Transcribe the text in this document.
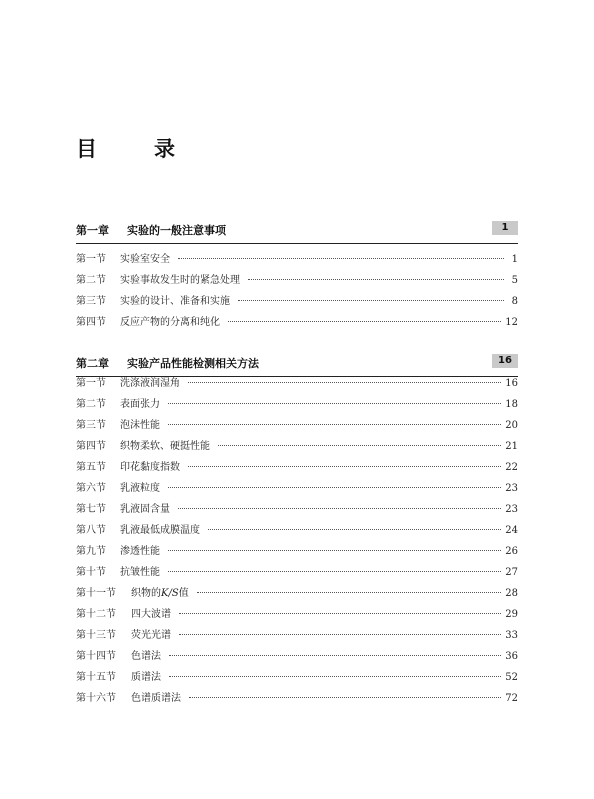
目　录
第一章 实验的一般注意事项	1
第一节	实验室安全	1
第二节	实验事故发生时的紧急处理	5
第三节	实验的设计、准备和实施	8
第四节	反应产物的分离和纯化	12
第二章 实验产品性能检测相关方法	16
第一节	洗涤液润湿角	16
第二节	表面张力	18
第三节	泡沫性能	20
第四节	织物柔软、硬挺性能	21
第五节	印花黏度指数	22
第六节	乳液粒度	23
第七节	乳液固含量	23
第八节	乳液最低成膜温度	24
第九节	渗透性能	26
第十节	抗皱性能	27
第十一节	织物的K/S值	28
第十二节	四大波谱	29
第十三节	荧光光谱	33
第十四节	色谱法	36
第十五节	质谱法	52
第十六节	色谱质谱法	72
